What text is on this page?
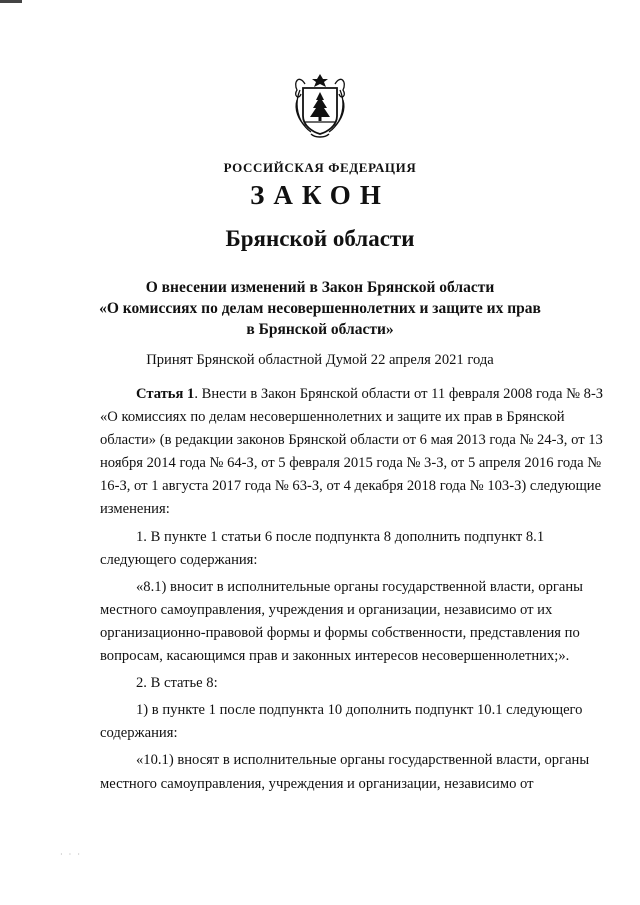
РОССИЙСКАЯ ФЕДЕРАЦИЯ
ЗАКОН
Брянской области
О внесении изменений в Закон Брянской области
«О комиссиях по делам несовершеннолетних и защите их прав
в Брянской области»
Принят Брянской областной Думой 22 апреля 2021 года

Статья 1. Внести в Закон Брянской области от 11 февраля 2008 года № 8-З «О комиссиях по делам несовершеннолетних и защите их прав в Брянской области» (в редакции законов Брянской области от 6 мая 2013 года № 24-З, от 13 ноября 2014 года № 64-З, от 5 февраля 2015 года № 3-З, от 5 апреля 2016 года № 16-З, от 1 августа 2017 года № 63-З, от 4 декабря 2018 года № 103-З) следующие изменения:

1. В пункте 1 статьи 6 после подпункта 8 дополнить подпункт 8.1 следующего содержания:

«8.1) вносит в исполнительные органы государственной власти, органы местного самоуправления, учреждения и организации, независимо от их организационно-правовой формы и формы собственности, представления по вопросам, касающимся прав и законных интересов несовершеннолетних;».

2. В статье 8:

1) в пункте 1 после подпункта 10 дополнить подпункт 10.1 следующего содержания:

«10.1) вносят в исполнительные органы государственной власти, органы местного самоуправления, учреждения и организации, независимо от

· · ·
